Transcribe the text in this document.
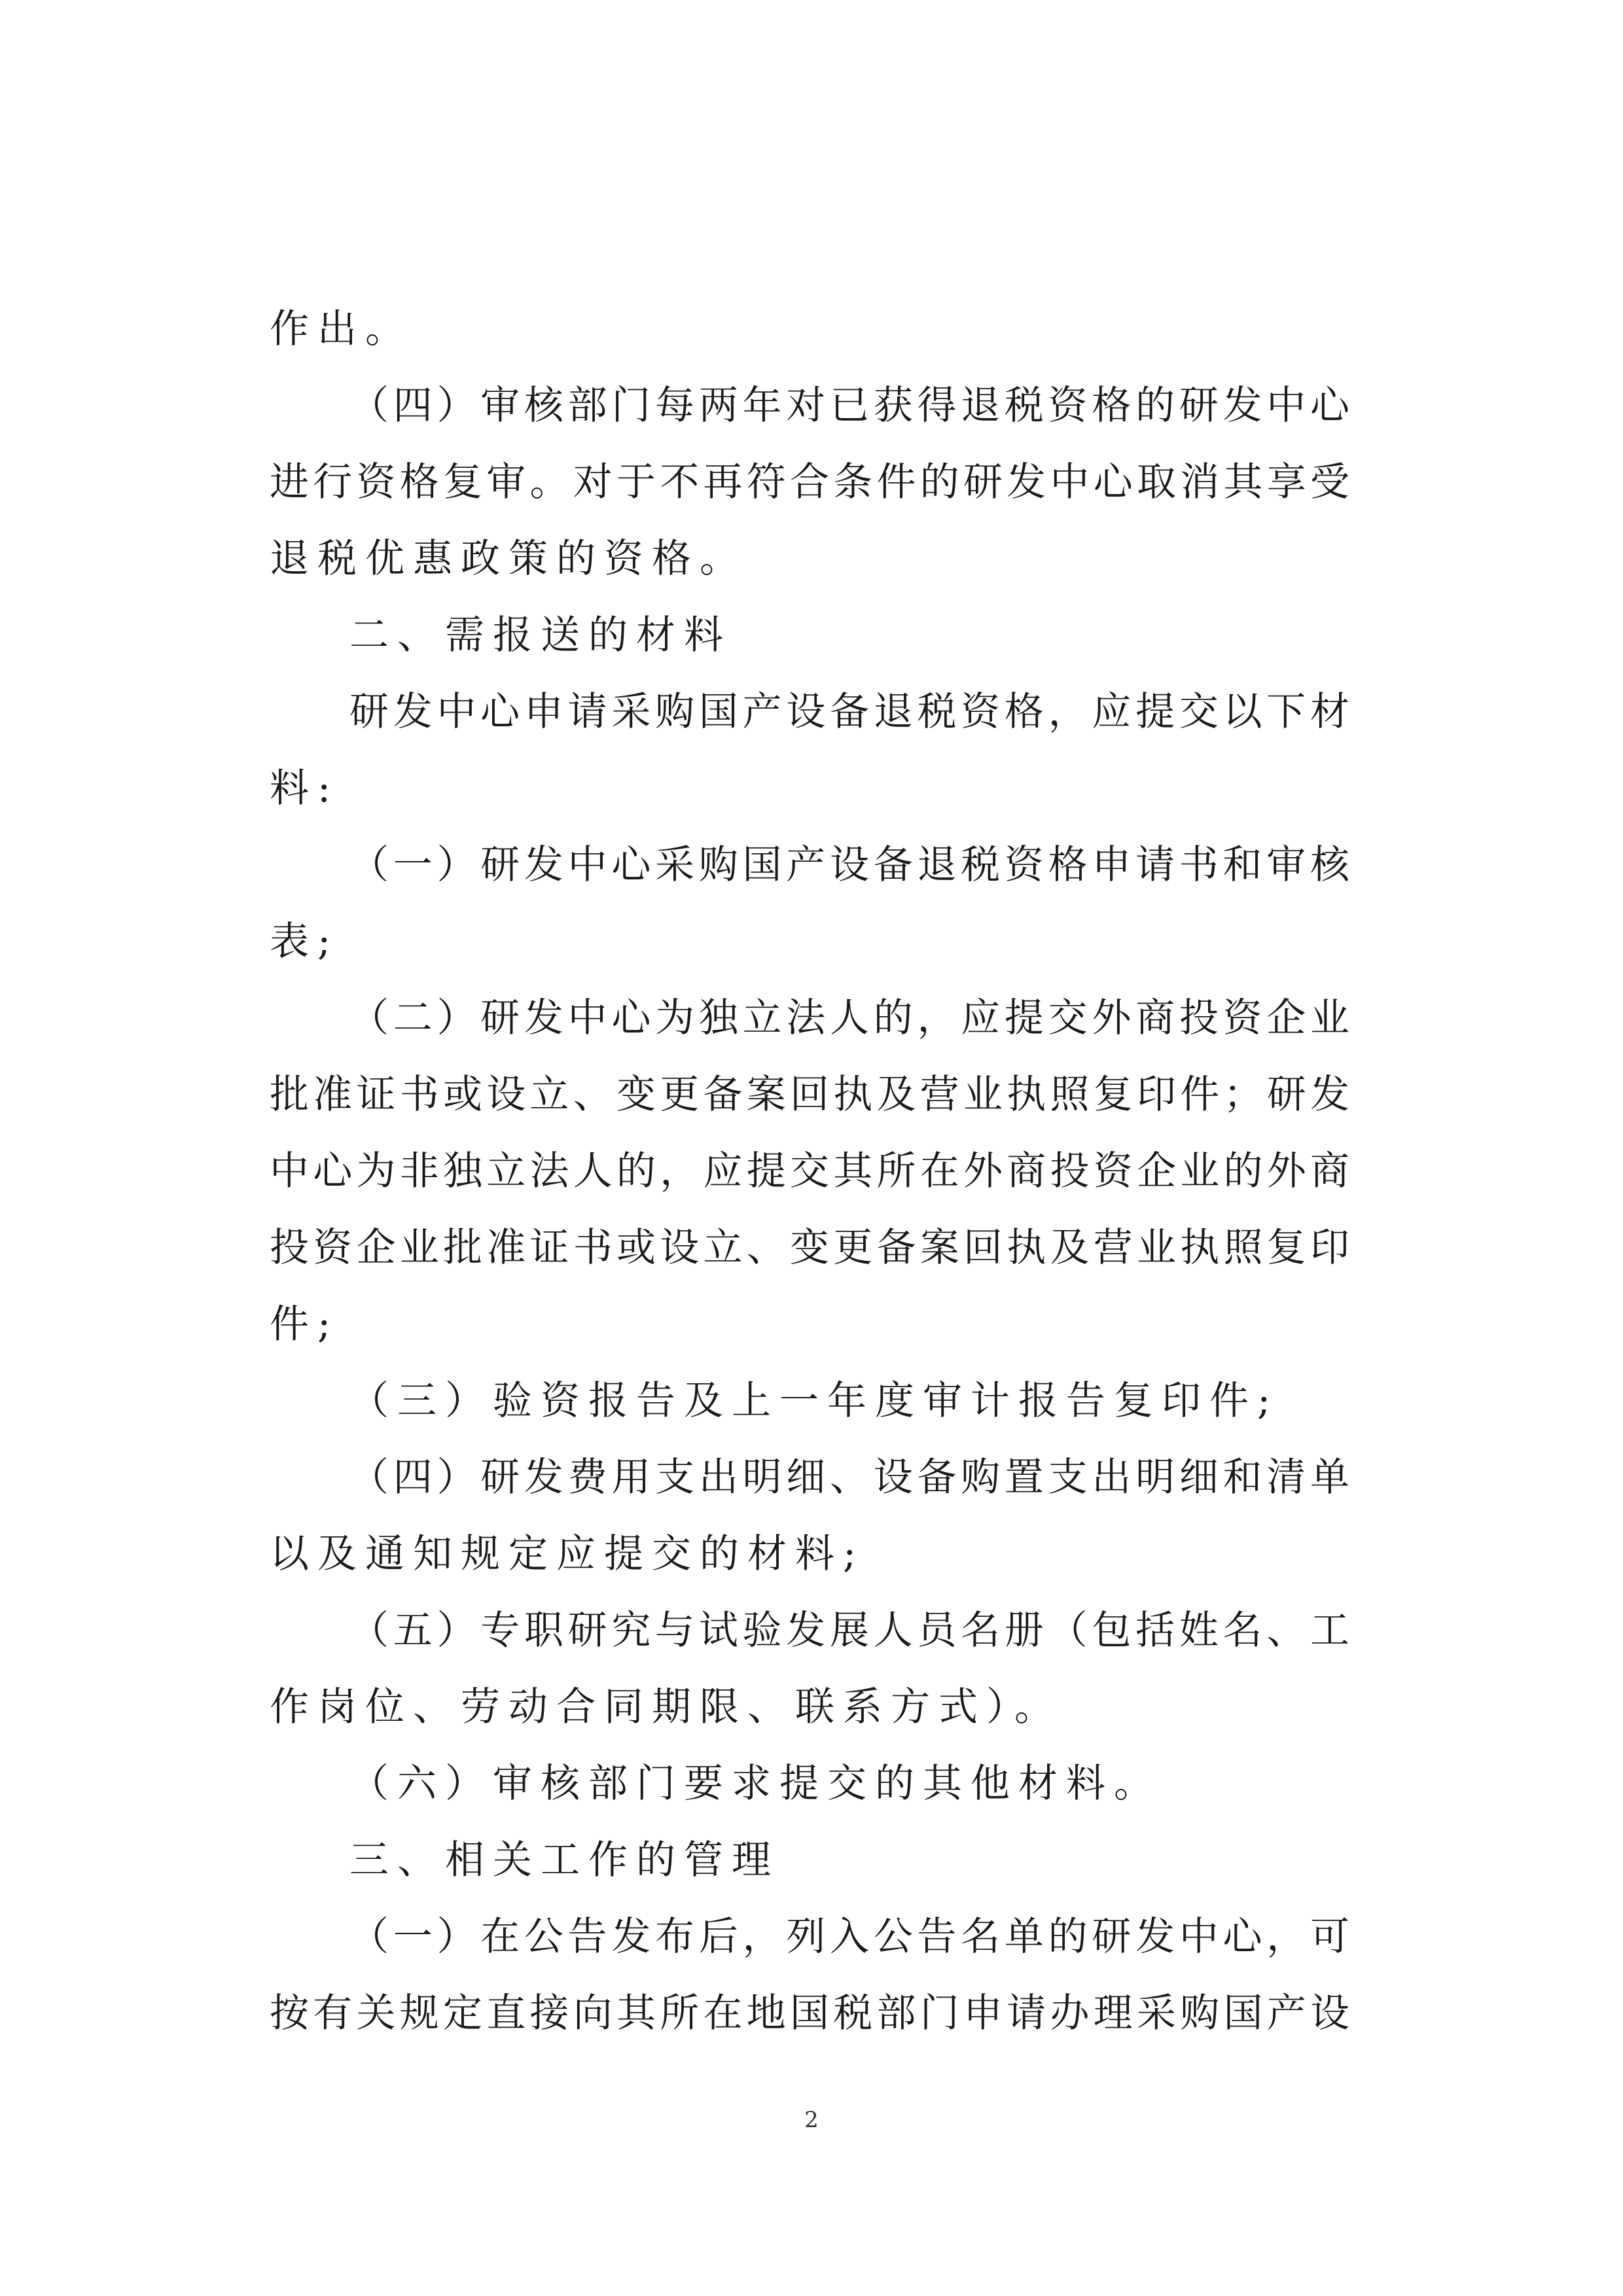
作出。
（四）审核部门每两年对已获得退税资格的研发中心
进行资格复审。对于不再符合条件的研发中心取消其享受
退税优惠政策的资格。
二、需报送的材料
研发中心申请采购国产设备退税资格，应提交以下材
料:
（一）研发中心采购国产设备退税资格申请书和审核
表;
（二）研发中心为独立法人的，应提交外商投资企业
批准证书或设立、变更备案回执及营业执照复印件；研发
中心为非独立法人的，应提交其所在外商投资企业的外商
投资企业批准证书或设立、变更备案回执及营业执照复印
件;
（三）验资报告及上一年度审计报告复印件;
（四）研发费用支出明细、设备购置支出明细和清单
以及通知规定应提交的材料;
（五）专职研究与试验发展人员名册（包括姓名、工
作岗位、劳动合同期限、联系方式）。
（六）审核部门要求提交的其他材料。
三、相关工作的管理
（一）在公告发布后，列入公告名单的研发中心，可
按有关规定直接向其所在地国税部门申请办理采购国产设
2
